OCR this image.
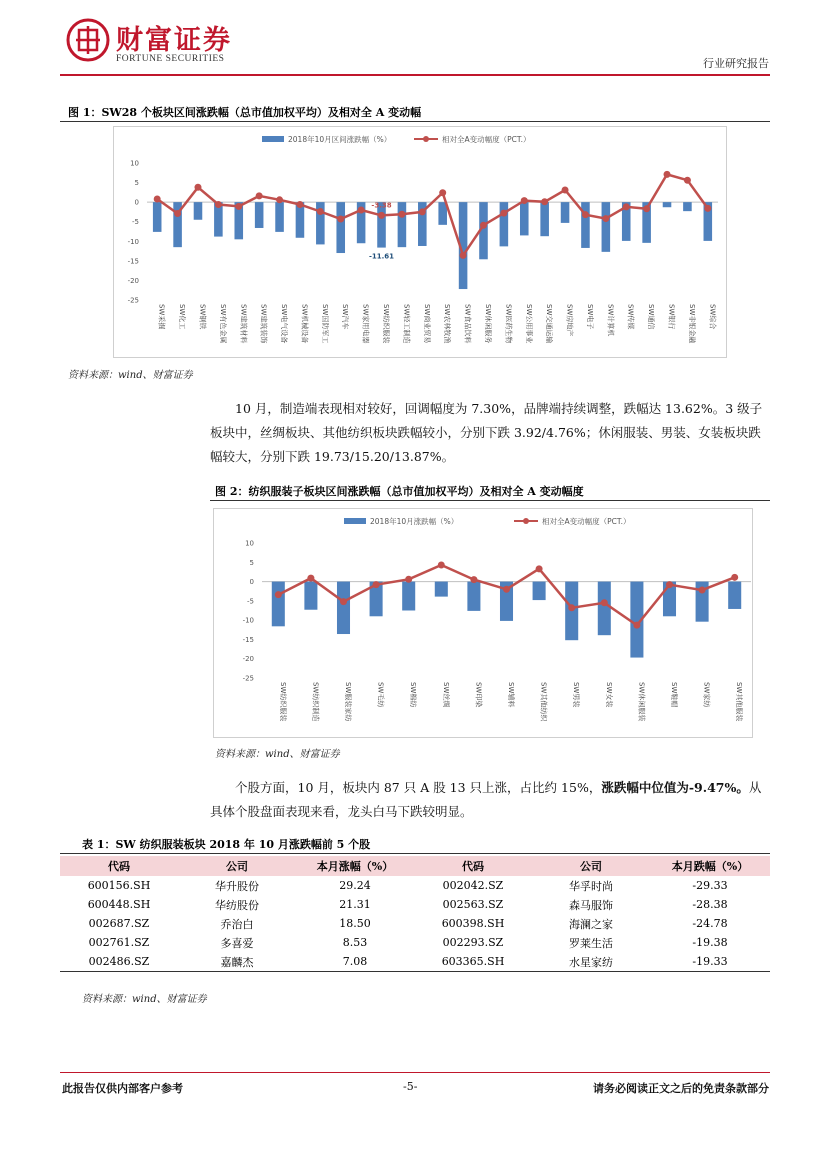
财富证券
FORTUNE SECURITIES	行业研究报告
图 1：SW28 个板块区间涨跌幅（总市值加权平均）及相对全 A 变动幅
2018年10月区间涨跌幅（%）	相对全A变动幅度（PCT.）
10
5
0
-5
-10
-15
-20
-25
SW采掘 SW化工 SW钢铁 SW有色金属 SW建筑材料 SW建筑装饰 SW电气设备 SW机械设备 SW国防军工 SW汽车 SW家用电器 SW纺织服装 SW轻工制造 SW商业贸易 SW农林牧渔 SW食品饮料 SW休闲服务 SW医药生物 SW公用事业 SW交通运输 SW房地产 SW电子 SW计算机 SW传媒 SW通信 SW银行 SW非银金融 SW综合
-3.38
-11.61
资料来源：wind、财富证券
10 月，制造端表现相对较好，回调幅度为 7.30%，品牌端持续调整，跌幅达 13.62%。3 级子板块中，丝绸板块、其他纺织板块跌幅较小，分别下跌 3.92/4.76%；休闲服装、男装、女装板块跌幅较大，分别下跌 19.73/15.20/13.87%。
图 2：纺织服装子板块区间涨跌幅（总市值加权平均）及相对全 A 变动幅度
2018年10月涨跌幅（%）	相对全A变动幅度（PCT.）
10
5
0
-5
-10
-15
-20
-25
SW纺织服装	SW纺织制造	SW服装家纺	SW毛纺	SW棉纺	SW丝绸	SW印染	SW辅料	SW其他纺织	SW男装	SW女装	SW休闲服装	SW鞋帽	SW家纺	SW其他服装
资料来源：wind、财富证券
个股方面，10 月，板块内 87 只 A 股 13 只上涨，占比约 15%，涨跌幅中位值为-9.47%。从具体个股盘面表现来看，龙头白马下跌较明显。
表 1：SW 纺织服装板块 2018 年 10 月涨跌幅前 5 个股
代码	公司	本月涨幅（%）	代码	公司	本月跌幅（%）
600156.SH	华升股份	29.24	002042.SZ	华孚时尚	-29.33
600448.SH	华纺股份	21.31	002563.SZ	森马服饰	-28.38
002687.SZ	乔治白	18.50	600398.SH	海澜之家	-24.78
002761.SZ	多喜爱	8.53	002293.SZ	罗莱生活	-19.38
002486.SZ	嘉麟杰	7.08	603365.SH	水星家纺	-19.33
资料来源：wind、财富证券
此报告仅供内部客户参考	-5-	请务必阅读正文之后的免责条款部分
